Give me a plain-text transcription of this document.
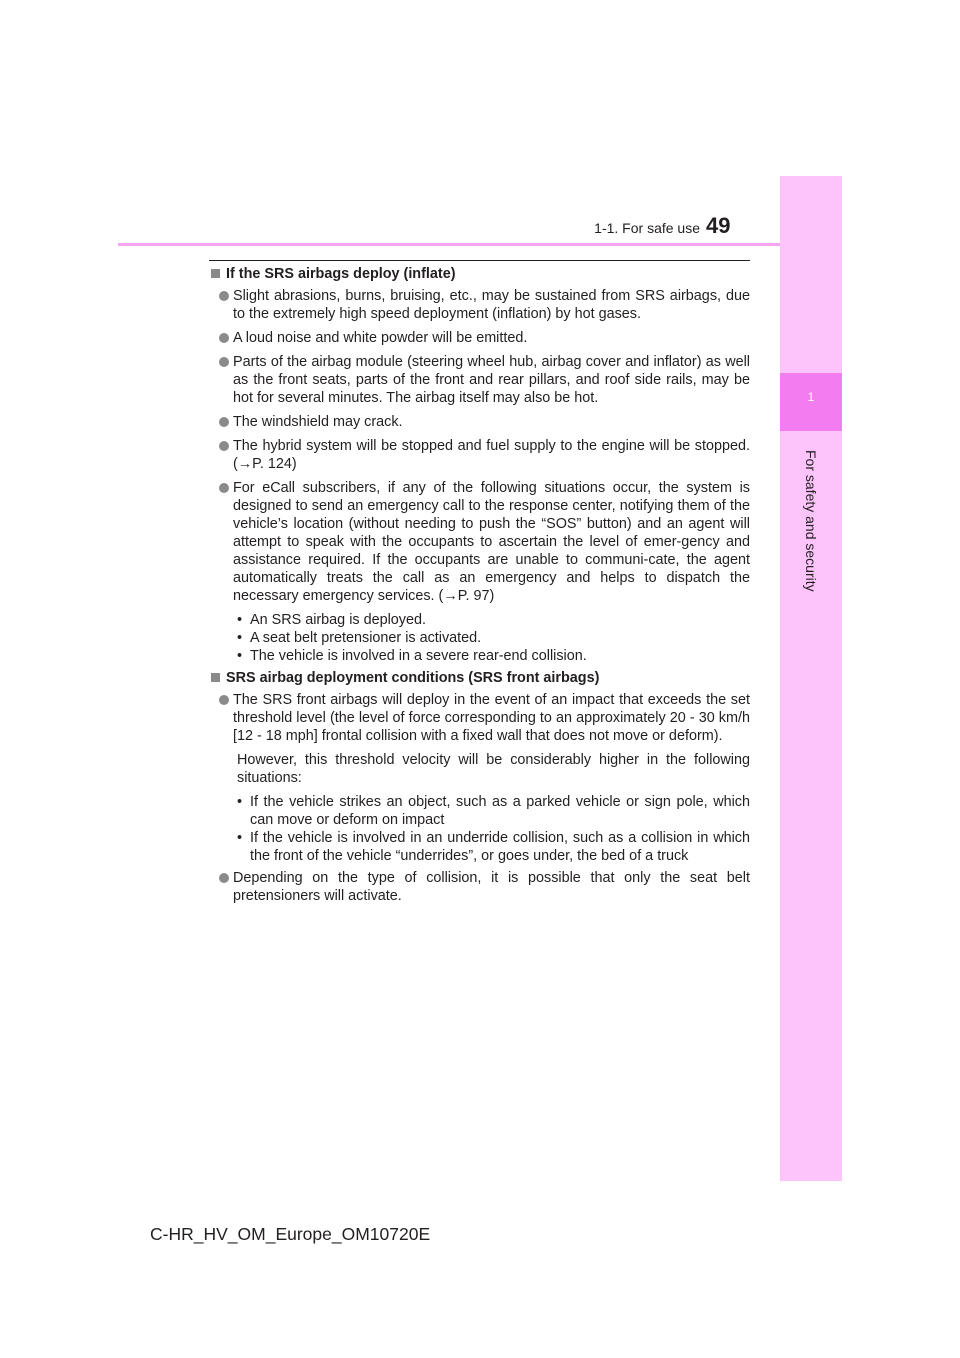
1
For safety and security
1-1. For safe use 49
If the SRS airbags deploy (inflate)
Slight abrasions, burns, bruising, etc., may be sustained from SRS airbags, due to the extremely high speed deployment (inflation) by hot gases.
A loud noise and white powder will be emitted.
Parts of the airbag module (steering wheel hub, airbag cover and inflator) as well as the front seats, parts of the front and rear pillars, and roof side rails, may be hot for several minutes. The airbag itself may also be hot.
The windshield may crack.
The hybrid system will be stopped and fuel supply to the engine will be stopped. (→P. 124)
For eCall subscribers, if any of the following situations occur, the system is designed to send an emergency call to the response center, notifying them of the vehicle’s location (without needing to push the “SOS” button) and an agent will attempt to speak with the occupants to ascertain the level of emer-gency and assistance required. If the occupants are unable to communi-cate, the agent automatically treats the call as an emergency and helps to dispatch the necessary emergency services. (→P. 97)
• An SRS airbag is deployed.
• A seat belt pretensioner is activated.
• The vehicle is involved in a severe rear-end collision.
SRS airbag deployment conditions (SRS front airbags)
The SRS front airbags will deploy in the event of an impact that exceeds the set threshold level (the level of force corresponding to an approximately 20 - 30 km/h [12 - 18 mph] frontal collision with a fixed wall that does not move or deform).
However, this threshold velocity will be considerably higher in the following situations:
• If the vehicle strikes an object, such as a parked vehicle or sign pole, which can move or deform on impact
• If the vehicle is involved in an underride collision, such as a collision in which the front of the vehicle “underrides”, or goes under, the bed of a truck
Depending on the type of collision, it is possible that only the seat belt pretensioners will activate.
C-HR_HV_OM_Europe_OM10720E
